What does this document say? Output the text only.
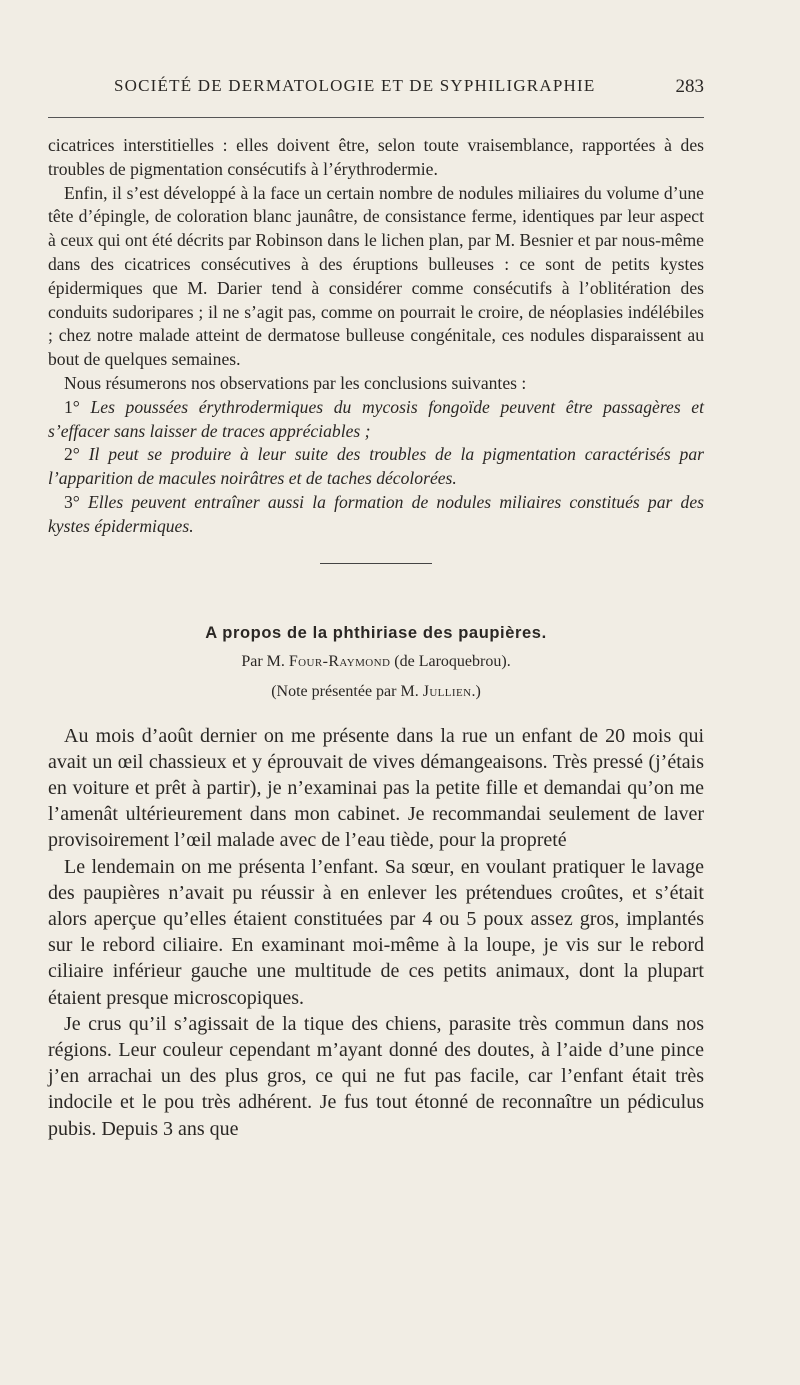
SOCIÉTÉ DE DERMATOLOGIE ET DE SYPHILIGRAPHIE	283

cicatrices interstitielles : elles doivent être, selon toute vraisemblance, rapportées à des troubles de pigmentation consécutifs à l’érythrodermie.

Enfin, il s’est développé à la face un certain nombre de nodules miliaires du volume d’une tête d’épingle, de coloration blanc jaunâtre, de consistance ferme, identiques par leur aspect à ceux qui ont été décrits par Robinson dans le lichen plan, par M. Besnier et par nous-même dans des cicatrices consécutives à des éruptions bulleuses : ce sont de petits kystes épidermiques que M. Darier tend à considérer comme consécutifs à l’oblitération des conduits sudoripares ; il ne s’agit pas, comme on pourrait le croire, de néoplasies indélébiles ; chez notre malade atteint de dermatose bulleuse congénitale, ces nodules disparaissent au bout de quelques semaines.

Nous résumerons nos observations par les conclusions suivantes :

1° Les poussées érythrodermiques du mycosis fongoïde peuvent être passagères et s’effacer sans laisser de traces appréciables ;

2° Il peut se produire à leur suite des troubles de la pigmentation caractérisés par l’apparition de macules noirâtres et de taches décolorées.

3° Elles peuvent entraîner aussi la formation de nodules miliaires constitués par des kystes épidermiques.

A propos de la phthiriase des paupières.
Par M. Four-Raymond (de Laroquebrou).
(Note présentée par M. Jullien.)

Au mois d’août dernier on me présente dans la rue un enfant de 20 mois qui avait un œil chassieux et y éprouvait de vives démangeaisons. Très pressé (j’étais en voiture et prêt à partir), je n’examinai pas la petite fille et demandai qu’on me l’amenât ultérieurement dans mon cabinet. Je recommandai seulement de laver provisoirement l’œil malade avec de l’eau tiède, pour la propreté

Le lendemain on me présenta l’enfant. Sa sœur, en voulant pratiquer le lavage des paupières n’avait pu réussir à en enlever les prétendues croûtes, et s’était alors aperçue qu’elles étaient constituées par 4 ou 5 poux assez gros, implantés sur le rebord ciliaire. En examinant moi-même à la loupe, je vis sur le rebord ciliaire inférieur gauche une multitude de ces petits animaux, dont la plupart étaient presque microscopiques.

Je crus qu’il s’agissait de la tique des chiens, parasite très commun dans nos régions. Leur couleur cependant m’ayant donné des doutes, à l’aide d’une pince j’en arrachai un des plus gros, ce qui ne fut pas facile, car l’enfant était très indocile et le pou très adhérent. Je fus tout étonné de reconnaître un pédiculus pubis. Depuis 3 ans que
